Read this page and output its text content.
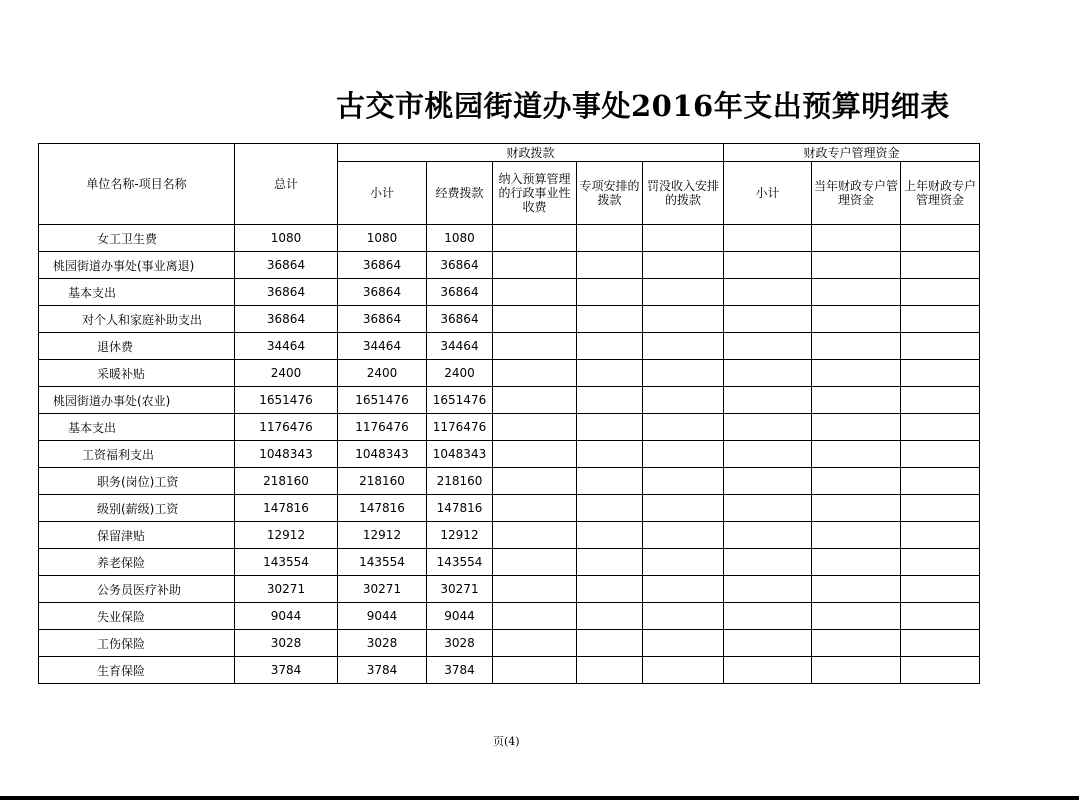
古交市桃园街道办事处2016年支出预算明细表
单位名称-项目名称	总计	财政拨款					财政专户管理资金		
		小计	经费拨款	纳入预算管理的行政事业性收费	专项安排的拨款	罚没收入安排的拨款	小计	当年财政专户管理资金	上年财政专户管理资金
女工卫生费	1080	1080	1080						
桃园街道办事处(事业离退)	36864	36864	36864						
基本支出	36864	36864	36864						
对个人和家庭补助支出	36864	36864	36864						
退休费	34464	34464	34464						
采暖补贴	2400	2400	2400						
桃园街道办事处(农业)	1651476	1651476	1651476						
基本支出	1176476	1176476	1176476						
工资福利支出	1048343	1048343	1048343						
职务(岗位)工资	218160	218160	218160						
级别(薪级)工资	147816	147816	147816						
保留津贴	12912	12912	12912						
养老保险	143554	143554	143554						
公务员医疗补助	30271	30271	30271						
失业保险	9044	9044	9044						
工伤保险	3028	3028	3028						
生育保险	3784	3784	3784						
页(4)
